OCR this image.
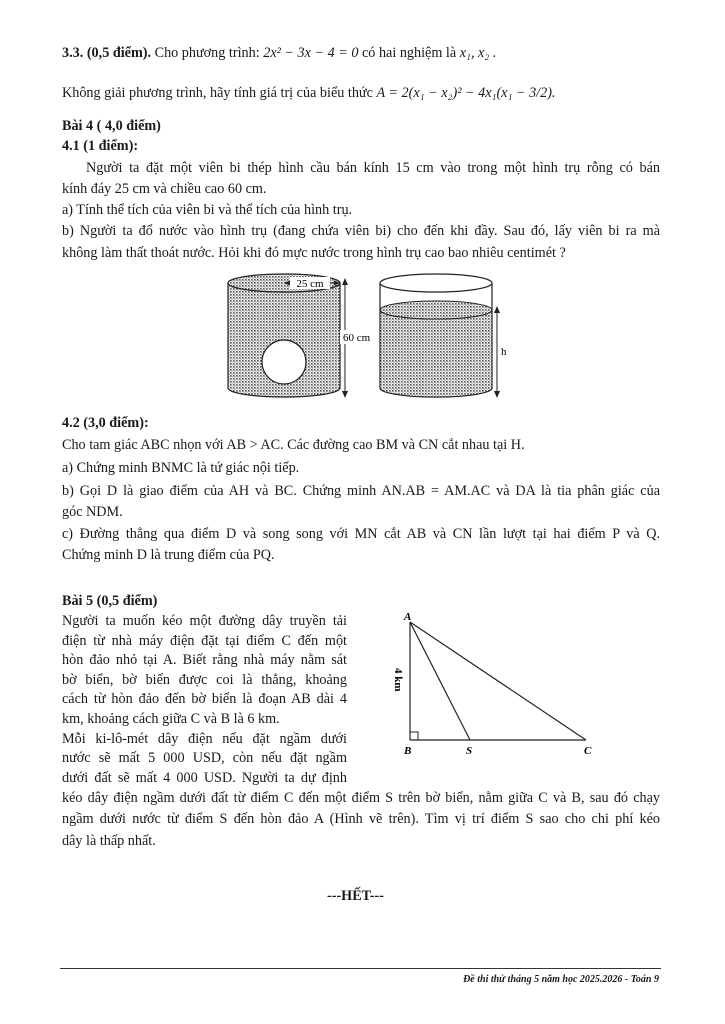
3.3. (0,5 điểm). Cho phương trình: 2x² − 3x − 4 = 0 có hai nghiệm là x₁, x₂ .
Không giải phương trình, hãy tính giá trị của biểu thức A = 2(x₁ − x₂)² − 4x₁(x₁ − 3/2).
Bài 4 ( 4,0 điểm)
4.1 (1 điểm):
Người ta đặt một viên bi thép hình cầu bán kính 15 cm vào trong một hình trụ rỗng có bán
kính đáy 25 cm và chiều cao 60 cm.
a) Tính thể tích của viên bi và thể tích của hình trụ.
b) Người ta đổ nước vào hình trụ (đang chứa viên bi) cho đến khi đầy. Sau đó, lấy viên bi ra mà
không làm thất thoát nước. Hỏi khi đó mực nước trong hình trụ cao bao nhiêu centimét ?
25 cm
60 cm
h
4.2 (3,0 điểm):
Cho tam giác ABC nhọn với AB > AC. Các đường cao BM và CN cắt nhau tại H.
a) Chứng minh BNMC là tứ giác nội tiếp.
b) Gọi D là giao điểm của AH và BC. Chứng minh AN.AB = AM.AC và DA là tia phân giác của
góc NDM.
c) Đường thẳng qua điểm D và song song với MN cắt AB và CN lần lượt tại hai điểm P và Q.
Chứng minh D là trung điểm của PQ.
Bài 5 (0,5 điểm)
Người ta muốn kéo một đường dây truyền tải
điện từ nhà máy điện đặt tại điểm C đến một
hòn đảo nhỏ tại A. Biết rằng nhà máy nằm sát
bờ biển, bờ biển được coi là thẳng, khoảng
cách từ hòn đảo đến bờ biển là đoạn AB dài 4
km, khoảng cách giữa C và B là 6 km.
Mỗi ki-lô-mét dây điện nếu đặt ngầm dưới
nước sẽ mất 5 000 USD, còn nếu đặt ngầm
dưới đất sẽ mất 4 000 USD. Người ta dự định
A
B	S	C
4 km
kéo dây điện ngầm dưới đất từ điểm C đến một điểm S trên bờ biển, nằm giữa C và B, sau đó chạy
ngầm dưới nước từ điểm S đến hòn đảo A (Hình vẽ trên). Tìm vị trí điểm S sao cho chi phí kéo
dây là thấp nhất.
---HẾT---
Đề thi thử tháng 5 năm học 2025.2026 - Toán 9
